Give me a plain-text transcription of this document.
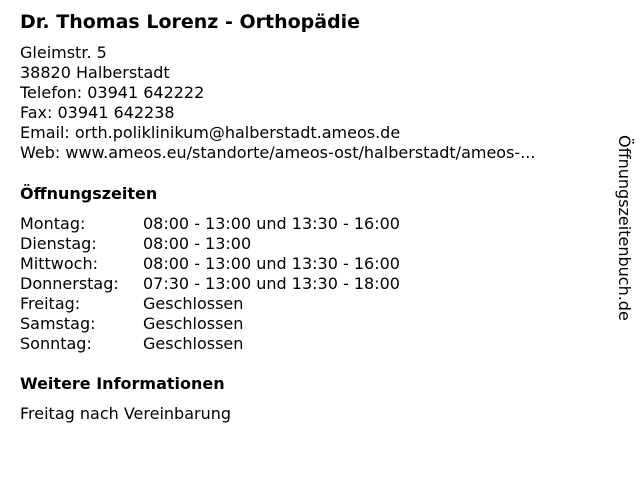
Dr. Thomas Lorenz - Orthopädie
Gleimstr. 5
38820 Halberstadt
Telefon: 03941 642222
Fax: 03941 642238
Email: orth.poliklinikum@halberstadt.ameos.de
Web: www.ameos.eu/standorte/ameos-ost/halberstadt/ameos-...
Öffnungszeiten
Montag:	08:00 - 13:00 und 13:30 - 16:00
Dienstag:	08:00 - 13:00
Mittwoch:	08:00 - 13:00 und 13:30 - 16:00
Donnerstag:	07:30 - 13:00 und 13:30 - 18:00
Freitag:	Geschlossen
Samstag:	Geschlossen
Sonntag:	Geschlossen
Weitere Informationen
Freitag nach Vereinbarung
Öffnungszeitenbuch.de
